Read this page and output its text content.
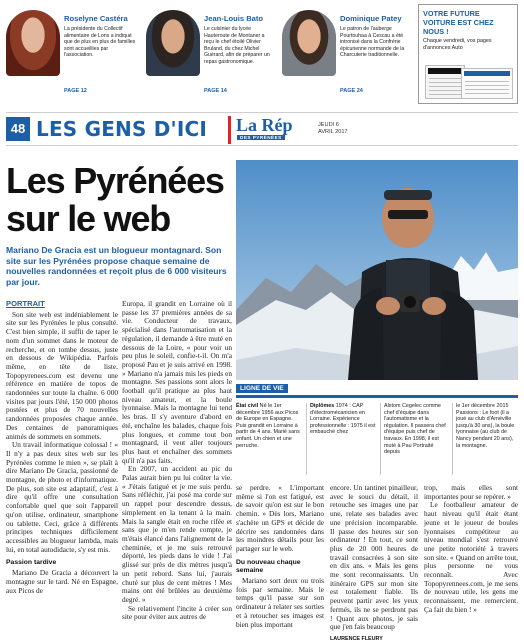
Roselyne Castéra
La présidente du Collectif alimentaire de Lons a indiqué que de plus en plus de familles sont accueillies par l'association.
PAGE 12
Jean-Louis Bato
Le cuisinier du lycée Hauteroute de Montaner a reçu le chef étoilé Olivier Bruland, du chez Michel Guérard, afin de préparer un repas gastronomique.
PAGE 14
Dominique Patey
Le patron de l'auberge Pourtouhaa à Cescau a été intronisé dans la Confrérie épicurienne normande de la Charcuterie traditionnelle.
PAGE 24
VOTRE FUTURE VOITURE EST CHEZ NOUS !
Chaque vendredi, vos pages d'annonces Auto
48 LES GENS D'ICI La Rép
DES PYRÉNÉES
JEUDI 6
AVRIL 2017
Les Pyrénées
sur le web
Mariano De Gracia est un blogueur montagnard. Son site sur les Pyrénées propose chaque semaine de nouvelles randonnées et reçoit plus de 6 000 visiteurs par jour.
PORTRAIT

Son site web est indéniablement le site sur les Pyrénées le plus consulté. C'est bien simple, il suffit de taper le nom d'un sommet dans le moteur de recherche, et on tombe dessus, juste en dessous de Wikipédia. Parfois même, en tête de liste. Topopyrenees.com est devenu une référence en matière de topos de randonnées sur toute la chaîne. 6 000 visites par jours l'été, 150 000 photos postées et plus de 70 nouvelles randonnées proposées chaque année. Des centaines de panoramiques animés de sommets en sommets.

Un travail informatique colossal ! « Il n'y a pas deux sites web sur les Pyrénées comme le mien », se plaît à dire Mariano De Gracia, passionné de montagne, de photo et d'informatique. De plus, son site est adaptatif, c'est à dire qu'il offre une consultation confortable quel que soit l'appareil qu'on utilise, ordinateur, smartphone ou tablette. Ceci, grâce à différents principes techniques difficilement accessibles au blogueur lambda, mais lui, en total autodidacte, s'y est mis.

Passion tardive

Mariano De Gracia a découvert la montagne sur le tard. Né en Espagne, aux Picos de

Europa, il grandit en Lorraine où il passe les 37 premières années de sa vie. Conducteur de travaux, spécialisé dans l'automatisation et la régulation, il demande à être muté en dessous de la Loire, « pour voir un peu plus le soleil, confie-t-il. On m'a proposé Pau et je suis arrivé en 1998. » Mariano n'a jamais mis les pieds en montagne. Ses passions sont alors le football qu'il pratique au plus haut niveau amateur, et la boule lyonnaise. Mais la montagne lui tend les bras. Il s'y aventure d'abord en été, enchaîne les balades, chaque fois plus longues, et comme tout bon montagnard, il veut aller toujours plus haut et enchaîner des sommets qu'il n'a pas faits.

En 2007, un accident au pic du Palas aurait bien pu lui coûter la vie. « J'étais fatigué et je me suis perdu. Sans réfléchir, j'ai posé ma corde sur un rappel pour descendre dessus, simplement en la tenant à la main. Mais la sangle était en roche rifée et sans que je m'en rende compte, je m'étais élancé dans l'alignement de la cheminée, et je me suis retrouvé déporté, les pieds dans le vide ! J'ai glissé sur près de dix mètres jusqu'à un petit rebord. Sans lui, j'aurais chuté sur plus de cent mètres ! Mes mains ont été brûlées au deuxième degré. »

Se relativement l'incite à créer son site pour éviter aux autres de

LIGNE DE VIE
État civil Né le 1er décembre 1956 aux Picos de Europe en Espagne. Puis grandit en Lorraine à partir de 4 ans. Marié sans enfant. Un chien et une perruche.
Diplômes 1974 : CAP d'électromécanicien en Lorraine. Expérience professionnelle : 1975 il est embauché chez
Alstom Cegelec comme chef d'équipe dans l'automatisme et la régulation. Il passera chef d'équipe puis chef de travaux. En 1998, il est muté à Pau Portraité depuis
le 1er décembre 2015 Passions : Le foot (il a joué au club d'Arnéville jusqu'à 30 ans), la boule lyonnaise (au club de Nancy pendant 20 ans), la montagne.

se perdre. « L'important même si l'on est fatigué, est de savoir qu'on est sur le bon chemin. » Dès lors, Mariano s'achète un GPS et décide de décrire ses randonnées dans les moindres détails pour les partager sur le web.

Du nouveau chaque semaine

Mariano sort deux ou trois fois par semaine. Mais le temps qu'il passe sur son ordinateur à relater ses sorties et à retoucher ses images est bien plus important

encore. Un tantinet pinailleur, avec le souci du détail, il retouche ses images une par une, relate ses balades avec une précision incomparable. Il passe des heures sur son ordinateur ! En tout, ce sont plus de 20 000 heures de travail consacrées à son site en dix ans. « Mais les gens me sont reconnaissants. Un itinéraire GPS sur mon site est totalement fiable. Ils peuvent partir avec les yeux fermés, ils ne se perdront pas ! Quant aux photos, je sais que j'en fais beaucoup

LAURENCE FLEURY

trop, mais elles sont importantes pour se repérer. »

Le footballeur amateur de haut niveau qu'il était étant jeune et le joueur de boules lyonnaises compétiteur au niveau mondial s'est retrouvé une petite notoriété à travers son site. « Quand on arrête tout, plus personne ne vous reconnaît. Avec Topopyrennees.com, je me sens de nouveau utile, les gens me reconnaissent, me remercient. Ça fait du bien ! »
